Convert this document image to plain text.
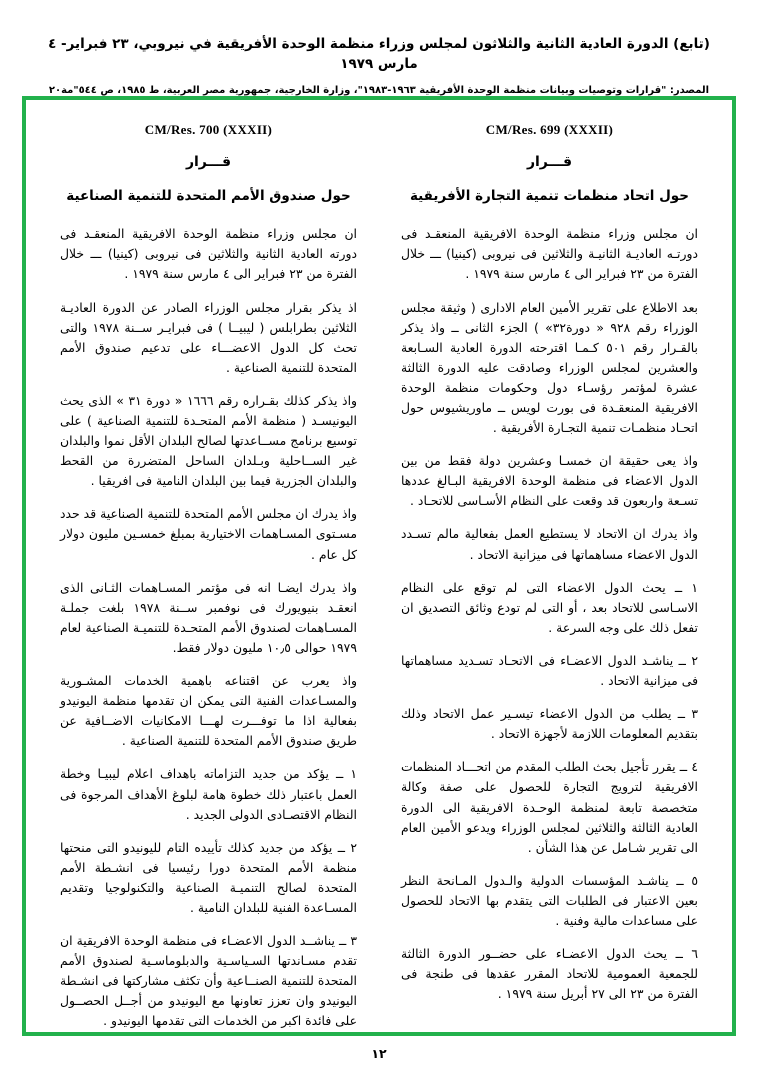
(تابع) الدورة العادية الثانية والثلاثون لمجلس وزراء منظمة الوحدة الأفريقية في نيروبي، ٢٣ فبراير- ٤ مارس ١٩٧٩
المصدر: "قرارات وتوصيات وبيانات منظمة الوحدة الأفريقية ١٩٦٣-١٩٨٣"، وزارة الخارجية، جمهورية مصر العربية، ط ١٩٨٥، ص ٥٤٤"مة٢٠
CM/Res. 699 (XXXII)
قـــرار
حول اتحاد منظمات تنمية التجارة الأفريقية

ان مجلس وزراء منظمة الوحدة الافريقية المنعقـد فى دورتـه العاديـة الثانيـة والثلاثين فى نيروبى (كينيا) ـــ خلال الفترة من ٢٣ فبراير الى ٤ مارس سنة ١٩٧٩ .

بعد الاطلاع على تقرير الأمين العام الادارى ( وثيقة مجلس الوزراء رقم ٩٢٨ « دورة٣٢» ) الجزء الثانى ــ واذ يذكر بالقـرار رقم ٥٠١ كـمـا اقترحته الدورة العادية السـابعة والعشرين لمجلس الوزراء وصادقت عليه الدورة الثالثة عشرة لمؤتمر رؤسـاء دول وحكومات منظمة الوحدة الافريقية المنعقـدة فى بورت لويس ــ ماوريشيوس حول اتحـاد منظمـات تنمية التجـارة الأفريقية .

واذ يعى حقيقة ان خمسـا وعشرين دولة فقط من بين الدول الاعضاء فى منظمة الوحدة الافريقية البـالغ عددها تسـعة واربعون قد وقعت على النظام الأسـاسى للاتحـاد .

واذ يدرك ان الاتحاد لا يستطيع العمل بفعالية مالم تسـدد الدول الاعضاء مساهماتها فى ميزانية الاتحاد .

١ ــ يحث الدول الاعضاء التى لم توقع على النظام الاسـاسى للاتحاد بعد ، أو التى لم تودع وثائق التصديق ان تفعل ذلك على وجه السرعة .

٢ ــ يناشـد الدول الاعضـاء فى الاتحـاد تسـديد مساهماتها فى ميزانية الاتحاد .

٣ ــ يطلب من الدول الاعضاء تيسـير عمل الاتحاد وذلك بتقديم المعلومات اللازمة لأجهزة الاتحاد .

٤ ــ يقرر تأجيل بحث الطلب المقدم من اتحـــاد المنظمات الافريقية لترويج التجارة للحصول على صفة وكالة متخصصة تابعة لمنظمة الوحـدة الافريقية الى الدورة العادية الثالثة والثلاثين لمجلس الوزراء ويدعو الأمين العام الى تقرير شـامل عن هذا الشأن .

٥ ــ يناشـد المؤسسات الدولية والـدول المـانحة النظر بعين الاعتبار فى الطلبات التى يتقدم بها الاتحاد للحصول على مساعدات مالية وفنية .

٦ ــ يحث الدول الاعضـاء على حضــور الدورة الثالثة للجمعية العمومية للاتحاد المقرر عقدها فى طنجة فى الفترة من ٢٣ الى ٢٧ أبريل سنة ١٩٧٩ .

CM/Res. 700 (XXXII)
قـــرار
حول صندوق الأمم المتحدة للتنمية الصناعية

ان مجلس وزراء منظمة الوحدة الافريقية المنعقـد فى دورته العادية الثانية والثلاثين فى نيروبى (كينيا) ـــ خلال الفترة من ٢٣ فبراير الى ٤ مارس سنة ١٩٧٩ .

اذ يذكر بقرار مجلس الوزراء الصادر عن الدورة العاديـة الثلاثين بطرابلس ( ليبيــا ) فى فبرايـر ســنة ١٩٧٨ والتى تحث كل الدول الاعضـــاء على تدعيم صندوق الأمم المتحدة للتنمية الصناعية .

واذ يذكر كذلك بقـراره رقم ١٦٦٦ « دورة ٣١ » الذى يحث اليونيسـد ( منظمة الأمم المتحـدة للتنمية الصناعية ) على توسيع برنامج مســاعدتها لصالح البلدان الأقل نموا والبلدان غير الســاحلية وبـلدان الساحل المتضررة من القحط والبلدان الجزرية فيما بين البلدان النامية فى افريقيا .

واذ يدرك ان مجلس الأمم المتحدة للتنمية الصناعية قد حدد مسـتوى المسـاهمات الاختيارية بمبلغ خمسـين مليون دولار كل عام .

واذ يدرك ايضـا انه فى مؤتمر المسـاهمات الثـانى الذى انعقـد بنيويورك فى نوفمبر ســنة ١٩٧٨ بلغت جملـة المسـاهمات لصندوق الأمم المتحـدة للتنميـة الصناعية لعام ١٩٧٩ حوالى ١٠٫٥ مليون دولار فقط.

واذ يعرب عن اقتناعه باهمية الخدمات المشـورية والمسـاعدات الفنية التى يمكن ان تقدمها منظمة اليونيدو بفعالية اذا ما توفـــرت لهـــا الامكانيات الاضــافية عن طريق صندوق الأمم المتحدة للتنمية الصناعية .

١ ــ يؤكد من جديد التزاماته باهداف اعلام ليبيـا وخطة العمل باعتبار ذلك خطوة هامة لبلوغ الأهداف المرجوة فى النظام الاقتصـادى الدولى الجديد .

٢ ــ يؤكد من جديد كذلك تأييده التام لليونيدو التى منحتها منظمة الأمم المتحدة دورا رئيسيا فى انشـطة الأمم المتحدة لصالح التنميـة الصناعية والتكنولوجيا وتقديم المسـاعدة الفنية للبلدان النامية .

٣ ــ يناشــد الدول الاعضـاء فى منظمة الوحدة الافريقية ان تقدم مسـاندتها السـياسـية والدبلوماسـية لصندوق الأمم المتحدة للتنمية الصنــاعية وأن تكثف مشاركتها فى انشـطة اليونيدو وان تعزز تعاونها مع اليونيدو من أجــل الحصــول على فائدة اكبر من الخدمات التى تقدمها اليونيدو .

١٢
